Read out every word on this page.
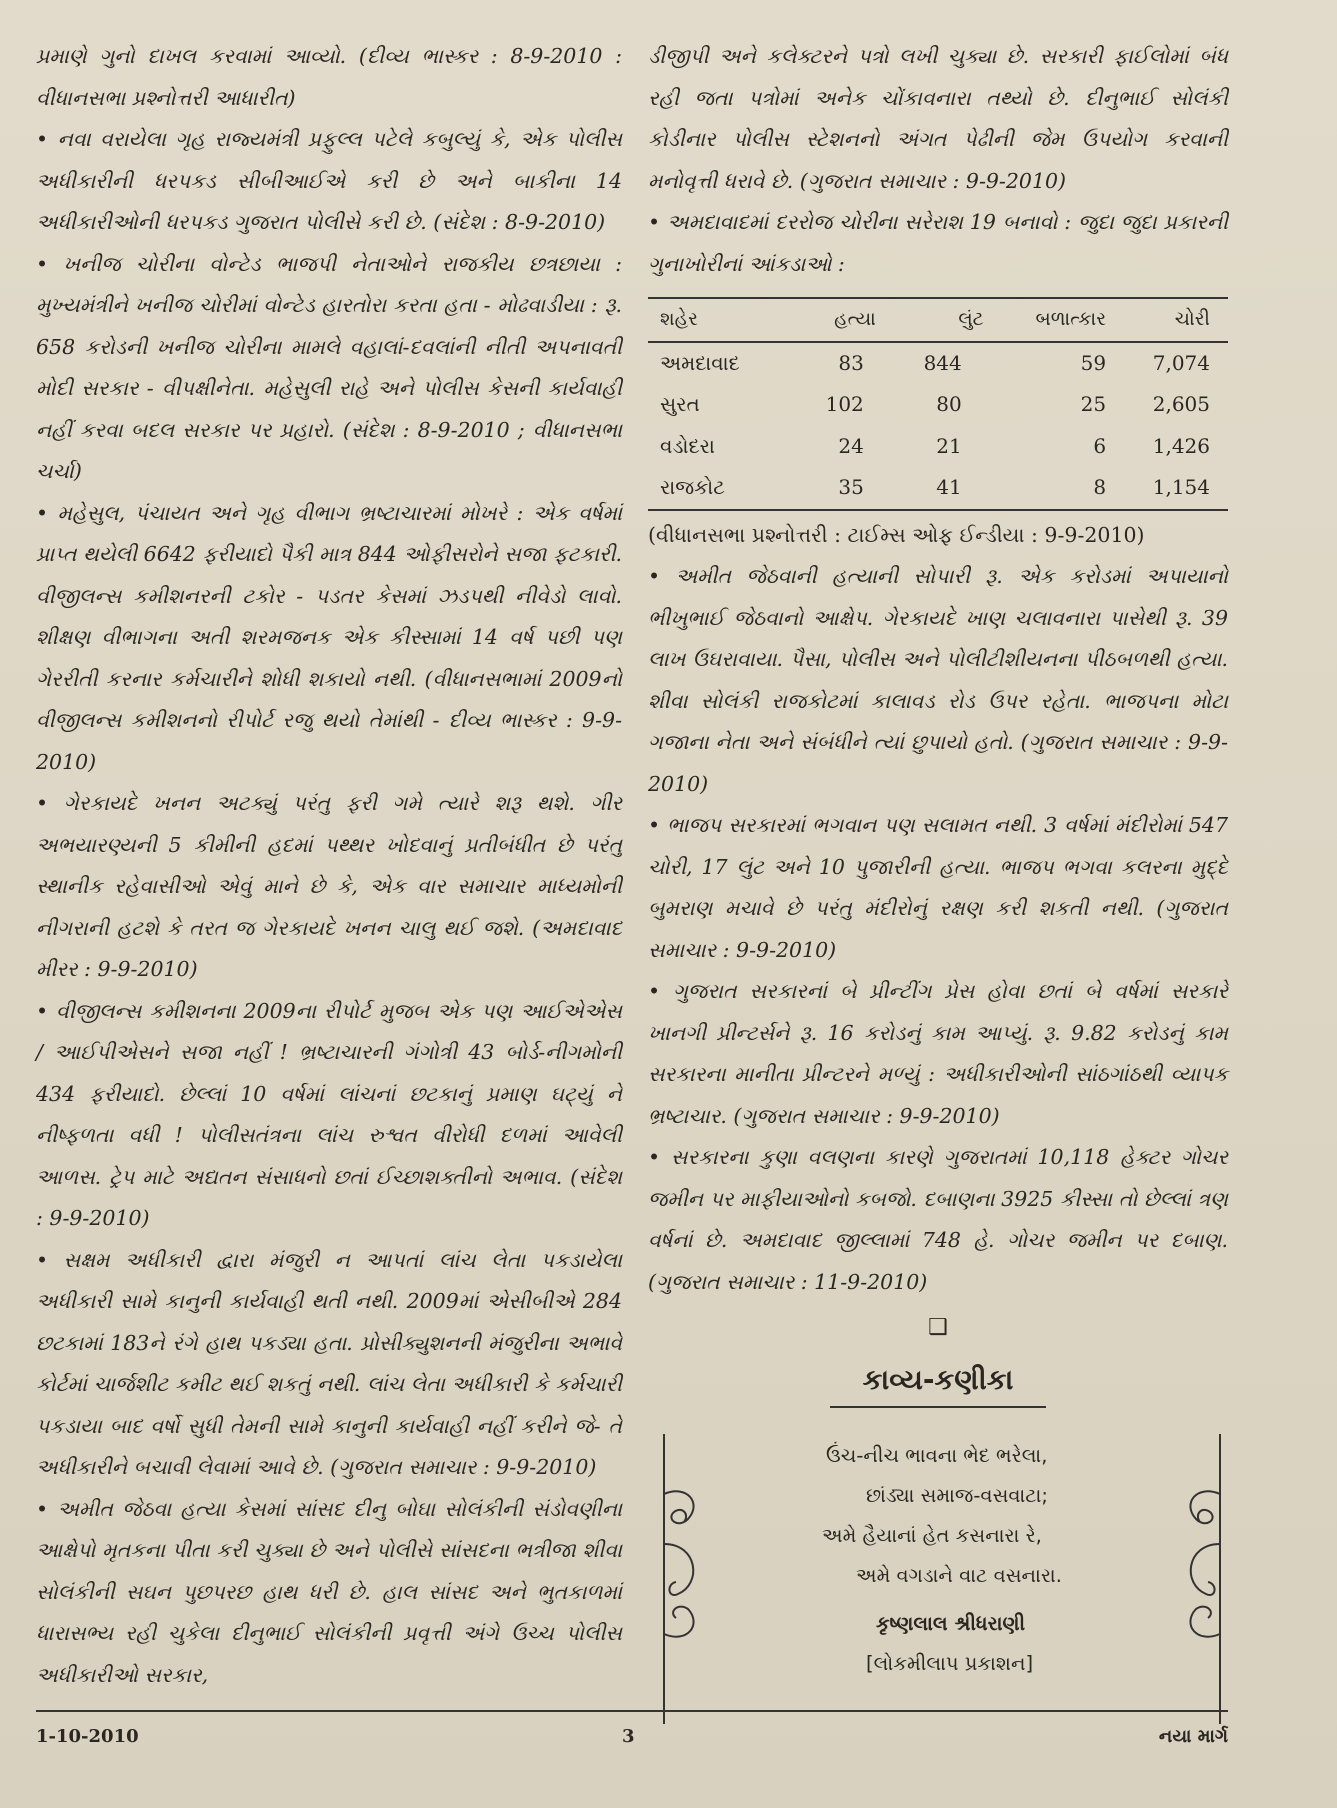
પ્રમાણે ગુનો દાખલ કરવામાં આવ્યો. (દીવ્ય ભાસ્કર : 8-9-2010 : વીધાનસભા પ્રશ્નોત્તરી આધારીત)

• નવા વરાયેલા ગૃહ રાજ્યમંત્રી પ્રફુલ્લ પટેલે કબુલ્યું કે, એક પોલીસ અધીકારીની ધરપકડ સીબીઆઈએ કરી છે અને બાકીના 14 અધીકારીઓની ધરપકડ ગુજરાત પોલીસે કરી છે. (સંદેશ : 8-9-2010)

• ખનીજ ચોરીના વોન્ટેડ ભાજપી નેતાઓને રાજકીય છત્રછાયા : મુખ્યમંત્રીને ખનીજ ચોરીમાં વોન્ટેડ હારતોરા કરતા હતા - મોઢવાડીયા : રૂ. 658 કરોડની ખનીજ ચોરીના મામલે વહાલાં-દવલાંની નીતી અપનાવતી મોદી સરકાર - વીપક્ષીનેતા. મહેસુલી રાહે અને પોલીસ કેસની કાર્યવાહી નહીં કરવા બદલ સરકાર પર પ્રહારો. (સંદેશ : 8-9-2010 ; વીધાનસભા ચર્ચા)

• મહેસુલ, પંચાયત અને ગૃહ વીભાગ ભ્રષ્ટાચારમાં મોખરે : એક વર્ષમાં પ્રાપ્ત થયેલી 6642 ફરીયાદો પૈકી માત્ર 844 ઓફીસરોને સજા ફટકારી. વીજીલન્સ કમીશનરની ટકોર - પડતર કેસમાં ઝડપથી નીવેડો લાવો. શીક્ષણ વીભાગના અતી શરમજનક એક કીસ્સામાં 14 વર્ષ પછી પણ ગેરરીતી કરનાર કર્મચારીને શોધી શકાયો નથી. (વીધાનસભામાં 2009નો વીજીલન્સ કમીશનનો રીપોર્ટ રજુ થયો તેમાંથી - દીવ્ય ભાસ્કર : 9-9-2010)

• ગેરકાયદે ખનન અટક્યું પરંતુ ફરી ગમે ત્યારે શરૂ થશે. ગીર અભયારણ્યની 5 કીમીની હદમાં પથ્થર ખોદવાનું પ્રતીબંધીત છે પરંતુ સ્થાનીક રહેવાસીઓ એવું માને છે કે, એક વાર સમાચાર માધ્યમોની નીગરાની હટશે કે તરત જ ગેરકાયદે ખનન ચાલુ થઈ જશે. (અમદાવાદ મીરર : 9-9-2010)

• વીજીલન્સ કમીશનના 2009ના રીપોર્ટ મુજબ એક પણ આઈએએસ / આઈપીએસને સજા નહીં ! ભ્રષ્ટાચારની ગંગોત્રી 43 બોર્ડ-નીગમોની 434 ફરીયાદો. છેલ્લાં 10 વર્ષમાં લાંચનાં છટકાનું પ્રમાણ ઘટ્યું ને નીષ્ફળતા વધી ! પોલીસતંત્રના લાંચ રુશ્વત વીરોધી દળમાં આવેલી આળસ. ટ્રેપ માટે અદ્યતન સંસાધનો છતાં ઈચ્છાશક્તીનો અભાવ. (સંદેશ : 9-9-2010)

• સક્ષમ અધીકારી દ્વારા મંજુરી ન આપતાં લાંચ લેતા પકડાયેલા અધીકારી સામે કાનુની કાર્યવાહી થતી નથી. 2009માં એસીબીએ 284 છટકામાં 183ને રંગે હાથ પકડ્યા હતા. પ્રોસીક્યુશનની મંજુરીના અભાવે કોર્ટમાં ચાર્જશીટ કમીટ થઈ શકતું નથી. લાંચ લેતા અધીકારી કે કર્મચારી પકડાયા બાદ વર્ષો સુધી તેમની સામે કાનુની કાર્યવાહી નહીં કરીને જે- તે અધીકારીને બચાવી લેવામાં આવે છે. (ગુજરાત સમાચાર : 9-9-2010)

• અમીત જેઠવા હત્યા કેસમાં સાંસદ દીનુ બોઘા સોલંકીની સંડોવણીના આક્ષેપો મૃતકના પીતા કરી ચુક્યા છે અને પોલીસે સાંસદના ભત્રીજા શીવા સોલંકીની સઘન પુછપરછ હાથ ધરી છે. હાલ સાંસદ અને ભુતકાળમાં ધારાસભ્ય રહી ચુકેલા દીનુભાઈ સોલંકીની પ્રવૃત્તી અંગે ઉચ્ચ પોલીસ અધીકારીઓ સરકાર,

ડીજીપી અને કલેક્ટરને પત્રો લખી ચુક્યા છે. સરકારી ફાઈલોમાં બંધ રહી જતા પત્રોમાં અનેક ચોંકાવનારા તથ્યો છે. દીનુભાઈ સોલંકી કોડીનાર પોલીસ સ્ટેશનનો અંગત પેઢીની જેમ ઉપયોગ કરવાની મનોવૃત્તી ધરાવે છે. (ગુજરાત સમાચાર : 9-9-2010)

• અમદાવાદમાં દરરોજ ચોરીના સરેરાશ 19 બનાવો : જુદા જુદા પ્રકારની ગુનાખોરીનાં આંકડાઓ :

શહેર	હત્યા	લુંટ	બળાત્કાર	ચોરી
અમદાવાદ	83	844	59	7,074
સુરત	102	80	25	2,605
વડોદરા	24	21	6	1,426
રાજકોટ	35	41	8	1,154

(વીધાનસભા પ્રશ્નોત્તરી : ટાઈમ્સ ઓફ ઈન્ડીયા : 9-9-2010)

• અમીત જેઠવાની હત્યાની સોપારી રૂ. એક કરોડમાં અપાયાનો ભીખુભાઈ જેઠવાનો આક્ષેપ. ગેરકાયદે ખાણ ચલાવનારા પાસેથી રૂ. 39 લાખ ઉઘરાવાયા. પૈસા, પોલીસ અને પોલીટીશીયનના પીઠબળથી હત્યા. શીવા સોલંકી રાજકોટમાં કાલાવડ રોડ ઉપર રહેતા. ભાજપના મોટા ગજાના નેતા અને સંબંધીને ત્યાં છુપાયો હતો. (ગુજરાત સમાચાર : 9-9- 2010)

• ભાજપ સરકારમાં ભગવાન પણ સલામત નથી. 3 વર્ષમાં મંદીરોમાં 547 ચોરી, 17 લુંટ અને 10 પુજારીની હત્યા. ભાજપ ભગવા કલરના મુદ્દે બુમરાણ મચાવે છે પરંતુ મંદીરોનું રક્ષણ કરી શકતી નથી. (ગુજરાત સમાચાર : 9-9-2010)

• ગુજરાત સરકારનાં બે પ્રીન્ટીંગ પ્રેસ હોવા છતાં બે વર્ષમાં સરકારે ખાનગી પ્રીન્ટર્સને રૂ. 16 કરોડનું કામ આપ્યું. રૂ. 9.82 કરોડનું કામ સરકારના માનીતા પ્રીન્ટરને મળ્યું : અધીકારીઓની સાંઠગાંઠથી વ્યાપક ભ્રષ્ટાચાર. (ગુજરાત સમાચાર : 9-9-2010)

• સરકારના કુણા વલણના કારણે ગુજરાતમાં 10,118 હેક્ટર ગોચર જમીન પર માફીયાઓનો કબજો. દબાણના 3925 કીસ્સા તો છેલ્લાં ત્રણ વર્ષનાં છે. અમદાવાદ જીલ્લામાં 748 હે. ગોચર જમીન પર દબાણ. (ગુજરાત સમાચાર : 11-9-2010)

❑
કાવ્ય-કણીકા
ઉંચ-નીચ ભાવના ભેદ ભરેલા,
છાંડ્યા સમાજ-વસવાટા;
અમે હૈયાનાં હેત કસનારા રે,
અમે વગડાને વાટ વસનારા.
કૃષ્ણલાલ શ્રીધરાણી
[લોકમીલાપ પ્રકાશન]
1-10-2010	3	નયા માર્ગ
